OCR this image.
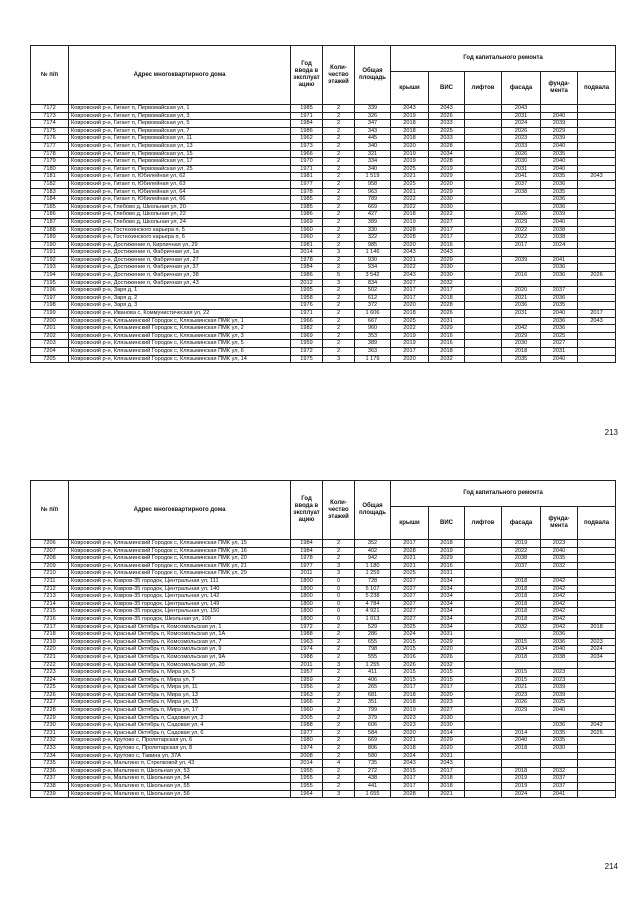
№ п/п	Адрес многоквартирного дома	Год ввода в эксплуат ацию	Коли-чество этажей	Общая площадь	Год капитального ремонта					
					крыши	ВИС	лифтов	фасада	фунда-мента	подвала
7172	Ковровский р-н, Гигант п, Первомайская ул, 1	1985	2	339	2043	2043		2043		
7173	Ковровский р-н, Гигант п, Первомайская ул, 3	1971	2	326	2019	2026		2031	2040	
7174	Ковровский р-н, Гигант п, Первомайская ул, 5	1984	2	347	2018	2033		2024	2039	
7175	Ковровский р-н, Гигант п, Первомайская ул, 7	1986	2	343	2018	2025		2026	2029	
7176	Ковровский р-н, Гигант п, Первомайская ул, 11	1962	2	445	2018	2033		2023	2039	
7177	Ковровский р-н, Гигант п, Первомайская ул, 13	1973	2	340	2020	2028		2033	2040	
7178	Ковровский р-н, Гигант п, Первомайская ул, 15	1966	2	321	2019	2034		2026	2035	
7179	Ковровский р-н, Гигант п, Первомайская ул, 17	1970	2	334	2019	2028		2030	2040	
7180	Ковровский р-н, Гигант п, Первомайская ул, 25	1971	2	340	2025	2019		2031	2040	
7181	Ковровский р-н, Гигант п, Юбилейная ул, 62	1981	2	1 519	2021	2029		2041	2035	2043
7182	Ковровский р-н, Гигант п, Юбилейная ул, 63	1977	2	958	2025	2020		2037	2036	
7183	Ковровский р-н, Гигант п, Юбилейная ул, 64	1978	2	963	2021	2029		2038	2035	
7184	Ковровский р-н, Гигант п, Юбилейная ул, 66	1985	2	789	2022	2030			2036	
7185	Ковровский р-н, Глебово д, Школьная ул, 20	1985	2	669	2022	2030			2036	
7186	Ковровский р-н, Глебово д, Школьная ул, 22	1986	2	427	2018	2022		2026	2039	
7187	Ковровский р-н, Глебово д, Школьная ул, 24	1969	2	389	2019	2027		2029	2040	
7188	Ковровский р-н, Гостюхинского карьера п, 5	1960	2	330	2028	2017		2022	2038	
7189	Ковровский р-н, Гостюхинского карьера п, 6	1960	2	322	2028	2017		2022	2038	
7190	Ковровский р-н, Достижение п, Кирпичная ул, 29	1981	2	985	2020	2016		2017	2024	
7191	Ковровский р-н, Достижение п, Фабричная ул, 1а	2014	3	1 146	2043	2043				
7192	Ковровский р-н, Достижение п, Фабричная ул, 27	1978	2	930	2021	2029		2039	2041	
7193	Ковровский р-н, Достижение п, Фабричная ул, 37	1984	2	934	2022	2030			2036	
7194	Ковровский р-н, Достижение п, Фабричная ул, 38	1986	5	3 542	2043	2030		2016	2036	2026
7195	Ковровский р-н, Достижение п, Фабричная ул, 43	2012	3	834	2027	2032				
7196	Ковровский р-н, Заря д, 1	1995	2	502	2017	2017		2020	2037	
7197	Ковровский р-н, Заря д, 2	1958	2	612	2017	2018		2021	2036	
7198	Ковровский р-н, Заря д, 3	1976	2	372	2020	2028		2036	2035	
7199	Ковровский р-н, Иванова с, Коммунистическая ул, 22	1971	2	1 606	2018	2026		2031	2040	2017
7200	Ковровский р-н, Клязьминский Городок с, Клязьминская ПМК ул, 1	1966	2	667	2025	2031			2036	2043
7201	Ковровский р-н, Клязьминский Городок с, Клязьминская ПМК ул, 2	1982	2	960	2022	2029		2042	2036	
7202	Ковровский р-н, Клязьминский Городок с, Клязьминская ПМК ул, 3	1969	2	353	2019	2016		2029	2025	
7203	Ковровский р-н, Клязьминский Городок с, Клязьминская ПМК ул, 5	1959	2	389	2019	2016		2030	2027	
7204	Ковровский р-н, Клязьминский Городок с, Клязьминская ПМК ул, 6	1972	2	363	2017	2018		2018	2031	
7205	Ковровский р-н, Клязьминский Городок с, Клязьминская ПМК ул, 14	1975	3	1 179	2020	2032		2035	2040	
213
№ п/п	Адрес многоквартирного дома	Год ввода в эксплуат ацию	Коли-чество этажей	Общая площадь	Год капитального ремонта					
					крыши	ВИС	лифтов	фасада	фунда-мента	подвала
7206	Ковровский р-н, Клязьминский Городок с, Клязьминская ПМК ул, 15	1984	2	352	2017	2018		2019	2023	
7207	Ковровский р-н, Клязьминский Городок с, Клязьминская ПМК ул, 16	1984	2	402	2028	2019		2022	2040	
7208	Ковровский р-н, Клязьминский Городок с, Клязьминская ПМК ул, 20	1978	2	942	2021	2029		2038	2035	
7209	Ковровский р-н, Клязьминский Городок с, Клязьминская ПМК ул, 21	1977	3	1 180	2021	2016		2037	2032	
7210	Ковровский р-н, Клязьминский Городок с, Клязьминская ПМК ул, 29	2011	3	1 259	2025	2031				
7211	Ковровский р-н, Ковров-35 городок, Центральная ул, 111	1800	0	728	2027	2034		2018	2042	
7212	Ковровский р-н, Ковров-35 городок, Центральная ул, 140	1800	0	5 107	2027	2034		2018	2042	
7213	Ковровский р-н, Ковров-35 городок, Центральная ул, 142	1800	0	5 238	2027	2034		2018	2042	
7214	Ковровский р-н, Ковров-35 городок, Центральная ул, 149	1800	0	4 784	2027	2034		2018	2042	
7215	Ковровский р-н, Ковров-35 городок, Центральная ул, 150	1800	0	4 921	2027	2034		2018	2042	
7216	Ковровский р-н, Ковров-35 городок, Школьная ул, 109	1800	0	1 013	2027	2034		2018	2042	
7217	Ковровский р-н, Красный Октябрь п, Комсомольская ул, 1	1972	2	529	2025	2034		2032	2042	2018
7218	Ковровский р-н, Красный Октябрь п, Комсомольская ул, 1А	1988	2	286	2024	2031			2036	
7219	Ковровский р-н, Красный Октябрь п, Комсомольская ул, 7	1963	2	655	2015	2029		2015	2036	2023
7220	Ковровский р-н, Красный Октябрь п, Комсомольская ул, 9	1974	2	798	2015	2020		2034	2040	2024
7221	Ковровский р-н, Красный Октябрь п, Комсомольская ул, 9А	1988	2	555	2016	2026		2018	2038	2034
7222	Ковровский р-н, Красный Октябрь п, Комсомольская ул, 20	2011	3	1 255	2026	2032				
7223	Ковровский р-н, Красный Октябрь п, Мира ул, 5	1957	2	411	2015	2015		2015	2023	
7224	Ковровский р-н, Красный Октябрь п, Мира ул, 7	1959	2	406	2015	2015		2015	2023	
7225	Ковровский р-н, Красный Октябрь п, Мира ул, 11	1956	2	265	2017	2017		2021	2039	
7226	Ковровский р-н, Красный Октябрь п, Мира ул, 13	1963	2	681	2018	2020		2023	2039	
7227	Ковровский р-н, Красный Октябрь п, Мира ул, 15	1966	2	351	2018	2023		2026	2025	
7228	Ковровский р-н, Красный Октябрь п, Мира ул, 17	1960	2	799	2019	2027		2029	2040	
7229	Ковровский р-н, Красный Октябрь п, Садовая ул, 2	2005	2	379	2023	2030				
7230	Ковровский р-н, Красный Октябрь п, Садовая ул, 4	1988	2	606	2023	2030			2036	2042
7231	Ковровский р-н, Красный Октябрь п, Садовая ул, 6	1977	2	584	2020	2014		2014	2035	2026
7232	Ковровский р-н, Крутово с, Пролетарская ул, 6	1980	2	669	2021	2029		2040	2035	
7233	Ковровский р-н, Крутово с, Пролетарская ул, 8	1974	2	806	2018	2020		2018	2030	
7234	Ковровский р-н, Крутово с, Тавина ул, 37А	2008	2	580	2024	2031				
7235	Ковровский р-н, Мальтино п, Стрелковой ул, 43	2014	4	735	2043	2043				
7236	Ковровский р-н, Мальтино п, Школьная ул, 53	1955	2	272	2015	2017		2018	2032	
7237	Ковровский р-н, Мальтино п, Школьная ул, 54	1955	2	438	2017	2018		2019	2037	
7238	Ковровский р-н, Мальтино п, Школьная ул, 55	1955	2	441	2017	2018		2019	2037	
7239	Ковровский р-н, Мальтино п, Школьная ул, 56	1964	3	1 655	2028	2021		2024	2041	
214
